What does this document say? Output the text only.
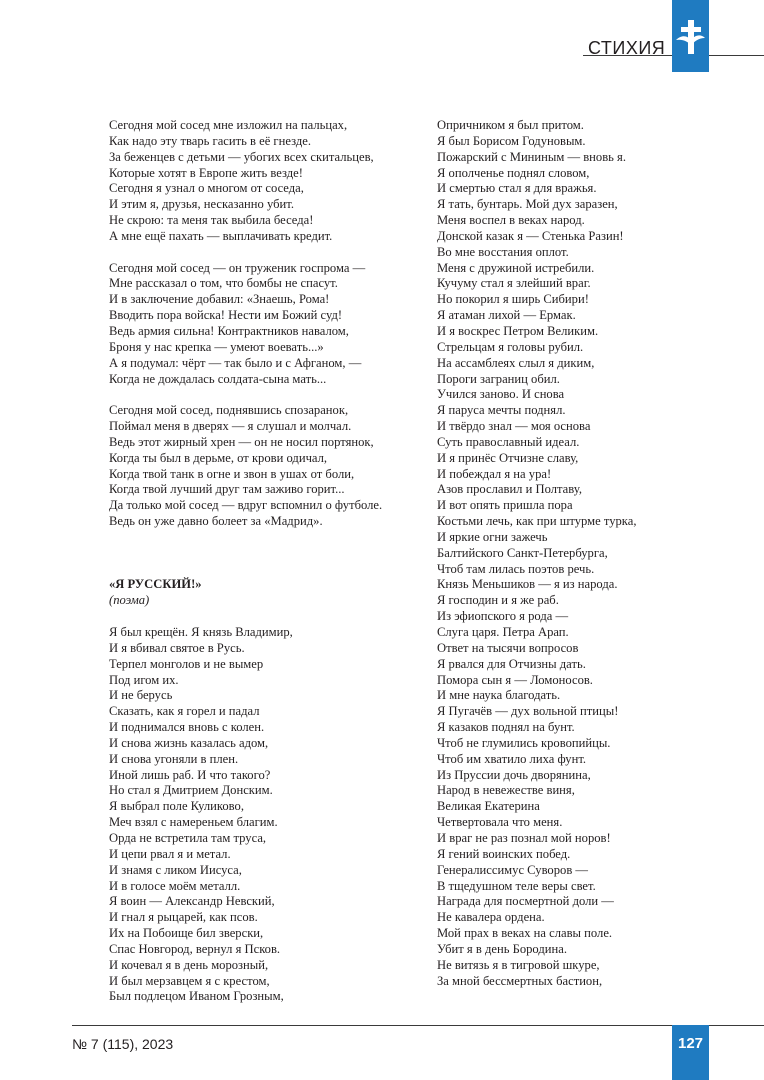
СТИХИЯ
Сегодня мой сосед мне изложил на пальцах,
Как надо эту тварь гасить в её гнезде.
За беженцев с детьми — убогих всех скитальцев,
Которые хотят в Европе жить везде!
Сегодня я узнал о многом от соседа,
И этим я, друзья, несказанно убит.
Не скрою: та меня так выбила беседа!
А мне ещё пахать — выплачивать кредит.
Сегодня мой сосед — он труженик госпрома —
Мне рассказал о том, что бомбы не спасут.
И в заключение добавил: «Знаешь, Рома!
Вводить пора войска! Нести им Божий суд!
Ведь армия сильна! Контрактников навалом,
Броня у нас крепка — умеют воевать...»
А я подумал: чёрт — так было и с Афганом, —
Когда не дождалась солдата-сына мать...
Сегодня мой сосед, поднявшись спозаранок,
Поймал меня в дверях — я слушал и молчал.
Ведь этот жирный хрен — он не носил портянок,
Когда ты был в дерьме, от крови одичал,
Когда твой танк в огне и звон в ушах от боли,
Когда твой лучший друг там заживо горит...
Да только мой сосед — вдруг вспомнил о футболе.
Ведь он уже давно болеет за «Мадрид».
«Я РУССКИЙ!»
(поэма)
Я был крещён. Я князь Владимир,
И я вбивал святое в Русь.
Терпел монголов и не вымер
Под игом их.
И не берусь
Сказать, как я горел и падал
И поднимался вновь с колен.
И снова жизнь казалась адом,
И снова угоняли в плен.
Иной лишь раб. И что такого?
Но стал я Дмитрием Донским.
Я выбрал поле Куликово,
Меч взял с намереньем благим.
Орда не встретила там труса,
И цепи рвал я и метал.
И знамя с ликом Иисуса,
И в голосе моём металл.
Я воин — Александр Невский,
И гнал я рыцарей, как псов.
Их на Побоище бил зверски,
Спас Новгород, вернул я Псков.
И кочевал я в день морозный,
И был мерзавцем я с крестом,
Был подлецом Иваном Грозным,
Опричником я был притом.
Я был Борисом Годуновым.
Пожарский с Мининым — вновь я.
Я ополченье поднял словом,
И смертью стал я для вражья.
Я тать, бунтарь. Мой дух заразен,
Меня воспел в веках народ.
Донской казак я — Стенька Разин!
Во мне восстания оплот.
Меня с дружиной истребили.
Кучуму стал я злейший враг.
Но покорил я ширь Сибири!
Я атаман лихой — Ермак.
И я воскрес Петром Великим.
Стрельцам я головы рубил.
На ассамблеях слыл я диким,
Пороги заграниц обил.
Учился заново. И снова
Я паруса мечты поднял.
И твёрдо знал — моя основа
Суть православный идеал.
И я принёс Отчизне славу,
И побеждал я на ура!
Азов прославил и Полтаву,
И вот опять пришла пора
Костьми лечь, как при штурме турка,
И яркие огни зажечь
Балтийского Санкт-Петербурга,
Чтоб там лилась поэтов речь.
Князь Меньшиков — я из народа.
Я господин и я же раб.
Из эфиопского я рода —
Слуга царя. Петра Арап.
Ответ на тысячи вопросов
Я рвался для Отчизны дать.
Помора сын я — Ломоносов.
И мне наука благодать.
Я Пугачёв — дух вольной птицы!
Я казаков поднял на бунт.
Чтоб не глумились кровопийцы.
Чтоб им хватило лиха фунт.
Из Пруссии дочь дворянина,
Народ в невежестве виня,
Великая Екатерина
Четвертовала что меня.
И враг не раз познал мой норов!
Я гений воинских побед.
Генералиссимус Суворов —
В тщедушном теле веры свет.
Награда для посмертной доли —
Не кавалера ордена.
Мой прах в веках на славы поле.
Убит я в день Бородина.
Не витязь я в тигровой шкуре,
За мной бессмертных бастион,
№ 7 (115), 2023	127
